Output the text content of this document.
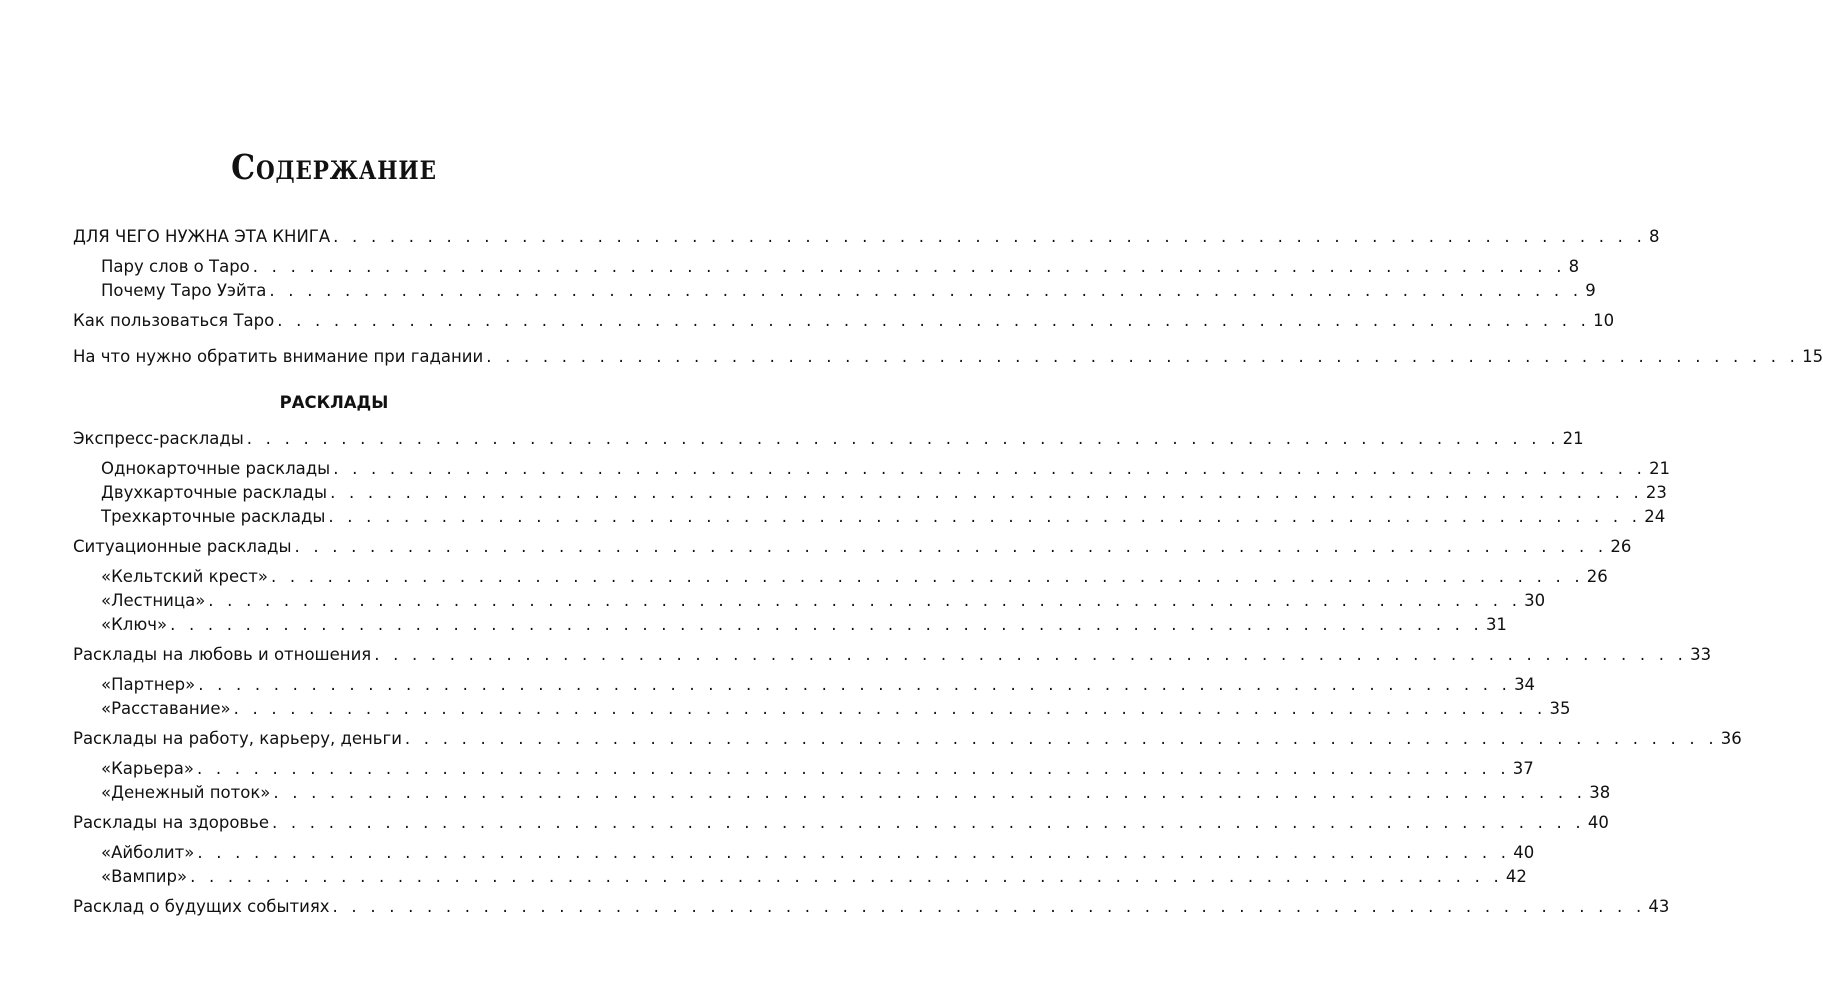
Содержание
ДЛЯ ЧЕГО НУЖНА ЭТА КНИГА . . . . . . . . . . . . . . . . . . . . . . . . . . . . . . . . . . . . . . . . . . . . . . . . . . . . . . . . . . . . . . . . . . . . . . 8
Пару слов о Таро . . . . . . . . . . . . . . . . . . . . . . . . . . . . . . . . . . . . . . . . . . . . . . . . . . . . . . . . . . . . . . . . . . . . . . 8
Почему Таро Уэйта . . . . . . . . . . . . . . . . . . . . . . . . . . . . . . . . . . . . . . . . . . . . . . . . . . . . . . . . . . . . . . . . . . . . . . 9
Как пользоваться Таро . . . . . . . . . . . . . . . . . . . . . . . . . . . . . . . . . . . . . . . . . . . . . . . . . . . . . . . . . . . . . . . . . . . . . . 10
На что нужно обратить внимание при гадании . . . . . . . . . . . . . . . . . . . . . . . . . . . . . . . . . . . . . . . . . . . . . . . . . . . . . . . . . . . . . . . . . . . . . . 15
РАСКЛАДЫ
Экспресс-расклады . . . . . . . . . . . . . . . . . . . . . . . . . . . . . . . . . . . . . . . . . . . . . . . . . . . . . . . . . . . . . . . . . . . . . . 21
Однокарточные расклады . . . . . . . . . . . . . . . . . . . . . . . . . . . . . . . . . . . . . . . . . . . . . . . . . . . . . . . . . . . . . . . . . . . . . . 21
Двухкарточные расклады . . . . . . . . . . . . . . . . . . . . . . . . . . . . . . . . . . . . . . . . . . . . . . . . . . . . . . . . . . . . . . . . . . . . . . 23
Трехкарточные расклады . . . . . . . . . . . . . . . . . . . . . . . . . . . . . . . . . . . . . . . . . . . . . . . . . . . . . . . . . . . . . . . . . . . . . . 24
Ситуационные расклады . . . . . . . . . . . . . . . . . . . . . . . . . . . . . . . . . . . . . . . . . . . . . . . . . . . . . . . . . . . . . . . . . . . . . . 26
«Кельтский крест» . . . . . . . . . . . . . . . . . . . . . . . . . . . . . . . . . . . . . . . . . . . . . . . . . . . . . . . . . . . . . . . . . . . . . . 26
«Лестница» . . . . . . . . . . . . . . . . . . . . . . . . . . . . . . . . . . . . . . . . . . . . . . . . . . . . . . . . . . . . . . . . . . . . . . 30
«Ключ» . . . . . . . . . . . . . . . . . . . . . . . . . . . . . . . . . . . . . . . . . . . . . . . . . . . . . . . . . . . . . . . . . . . . . . 31
Расклады на любовь и отношения . . . . . . . . . . . . . . . . . . . . . . . . . . . . . . . . . . . . . . . . . . . . . . . . . . . . . . . . . . . . . . . . . . . . . . 33
«Партнер» . . . . . . . . . . . . . . . . . . . . . . . . . . . . . . . . . . . . . . . . . . . . . . . . . . . . . . . . . . . . . . . . . . . . . . 34
«Расставание» . . . . . . . . . . . . . . . . . . . . . . . . . . . . . . . . . . . . . . . . . . . . . . . . . . . . . . . . . . . . . . . . . . . . . . 35
Расклады на работу, карьеру, деньги . . . . . . . . . . . . . . . . . . . . . . . . . . . . . . . . . . . . . . . . . . . . . . . . . . . . . . . . . . . . . . . . . . . . . . 36
«Карьера» . . . . . . . . . . . . . . . . . . . . . . . . . . . . . . . . . . . . . . . . . . . . . . . . . . . . . . . . . . . . . . . . . . . . . . 37
«Денежный поток» . . . . . . . . . . . . . . . . . . . . . . . . . . . . . . . . . . . . . . . . . . . . . . . . . . . . . . . . . . . . . . . . . . . . . . 38
Расклады на здоровье . . . . . . . . . . . . . . . . . . . . . . . . . . . . . . . . . . . . . . . . . . . . . . . . . . . . . . . . . . . . . . . . . . . . . . 40
«Айболит» . . . . . . . . . . . . . . . . . . . . . . . . . . . . . . . . . . . . . . . . . . . . . . . . . . . . . . . . . . . . . . . . . . . . . . 40
«Вампир» . . . . . . . . . . . . . . . . . . . . . . . . . . . . . . . . . . . . . . . . . . . . . . . . . . . . . . . . . . . . . . . . . . . . . . 42
Расклад о будущих событиях . . . . . . . . . . . . . . . . . . . . . . . . . . . . . . . . . . . . . . . . . . . . . . . . . . . . . . . . . . . . . . . . . . . . . . 43
